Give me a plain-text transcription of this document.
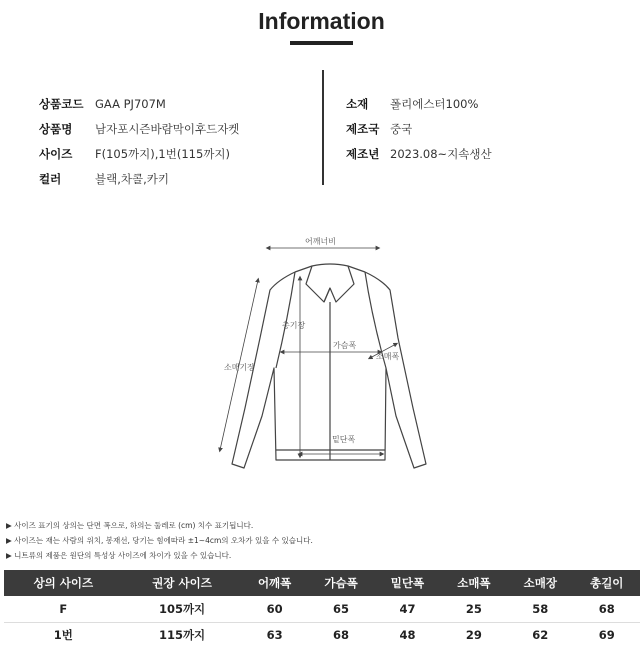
Information
상품코드	GAA PJ707M
상품명	남자포시즌바람막이후드자켓
사이즈	F(105까지),1번(115까지)
컬러	블랙,차콜,카키
소재	폴리에스터100%
제조국 중국
제조년 2023.08~지속생산
어깨너비
총기장
가슴폭
소매폭
소매기장
밑단폭
▶ 사이즈 표기의 상의는 단면 폭으로, 하의는 둘레로 (cm) 치수 표기됩니다.
▶ 사이즈는 재는 사람의 위치, 봉재선, 당기는 힘에따라 ±1~4cm의 오차가 있을 수 있습니다.
▶ 니트류의 제품은 원단의 특성상 사이즈에 차이가 있을 수 있습니다.
상의 사이즈	권장 사이즈	어깨폭	가슴폭	밑단폭	소매폭	소매장	총길이
F	105까지	60	65	47	25	58	68
1번	115까지	63	68	48	29	62	69
